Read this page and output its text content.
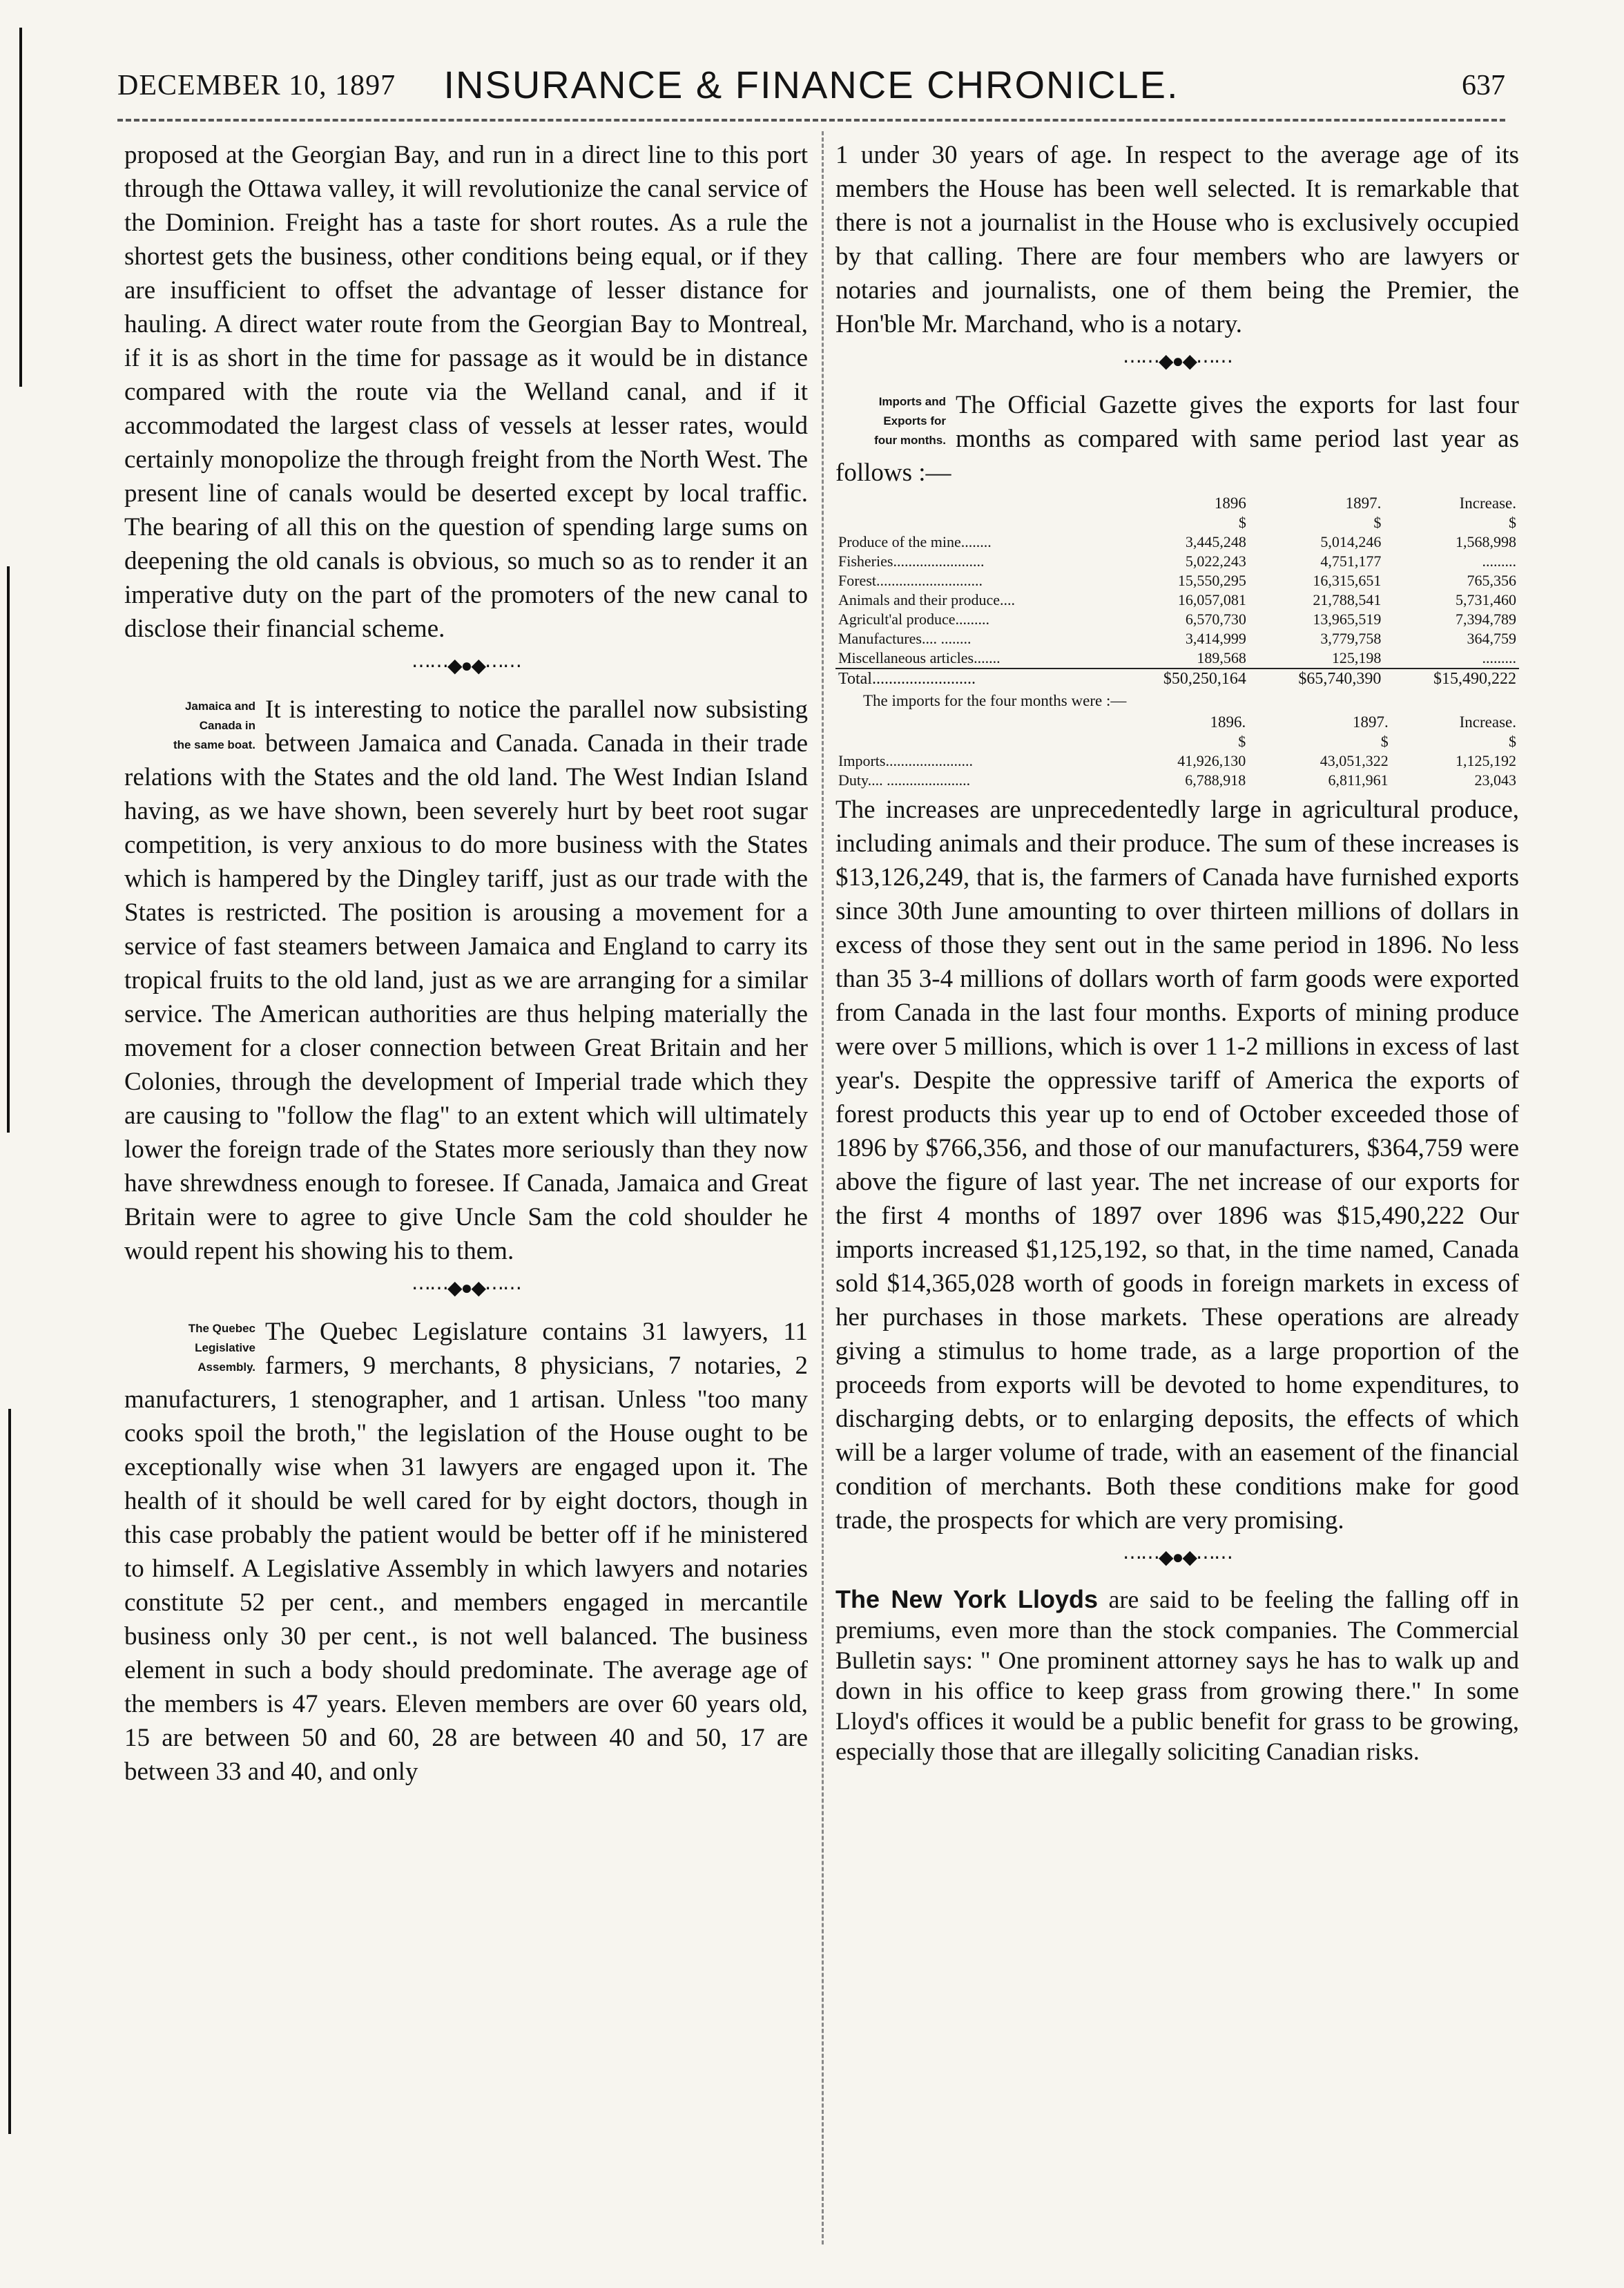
DECEMBER 10, 1897	INSURANCE & FINANCE CHRONICLE.	637

proposed at the Georgian Bay, and run in a direct line to this port through the Ottawa valley, it will revolutionize the canal service of the Dominion. Freight has a taste for short routes. As a rule the shortest gets the business, other conditions being equal, or if they are insufficient to offset the advantage of lesser distance for hauling. A direct water route from the Georgian Bay to Montreal, if it is as short in the time for passage as it would be in distance compared with the route via the Welland canal, and if it accommodated the largest class of vessels at lesser rates, would certainly monopolize the through freight from the North West. The present line of canals would be deserted except by local traffic. The bearing of all this on the question of spending large sums on deepening the old canals is obvious, so much so as to render it an imperative duty on the part of the promoters of the new canal to disclose their financial scheme.

⋯⋯◆●◆⋯⋯
Jamaica and
Canada in
the same boat.

It is interesting to notice the parallel now subsisting between Jamaica and Canada. Canada in their trade relations with the States and the old land. The West Indian Island having, as we have shown, been severely hurt by beet root sugar competition, is very anxious to do more business with the States which is hampered by the Dingley tariff, just as our trade with the States is restricted. The position is arousing a movement for a service of fast steamers between Jamaica and England to carry its tropical fruits to the old land, just as we are arranging for a similar service. The American authorities are thus helping materially the movement for a closer connection between Great Britain and her Colonies, through the development of Imperial trade which they are causing to "follow the flag" to an extent which will ultimately lower the foreign trade of the States more seriously than they now have shrewdness enough to foresee. If Canada, Jamaica and Great Britain were to agree to give Uncle Sam the cold shoulder he would repent his showing his to them.

⋯⋯◆●◆⋯⋯
The Quebec
Legislative
Assembly.

The Quebec Legislature contains 31 lawyers, 11 farmers, 9 merchants, 8 physicians, 7 notaries, 2 manufacturers, 1 stenographer, and 1 artisan. Unless "too many cooks spoil the broth," the legislation of the House ought to be exceptionally wise when 31 lawyers are engaged upon it. The health of it should be well cared for by eight doctors, though in this case probably the patient would be better off if he ministered to himself. A Legislative Assembly in which lawyers and notaries constitute 52 per cent., and members engaged in mercantile business only 30 per cent., is not well balanced. The business element in such a body should predominate. The average age of the members is 47 years. Eleven members are over 60 years old, 15 are between 50 and 60, 28 are between 40 and 50, 17 are between 33 and 40, and only

1 under 30 years of age. In respect to the average age of its members the House has been well selected. It is remarkable that there is not a journalist in the House who is exclusively occupied by that calling. There are four members who are lawyers or notaries and journalists, one of them being the Premier, the Hon'ble Mr. Marchand, who is a notary.

⋯⋯◆●◆⋯⋯
Imports and
Exports for
four months.

The Official Gazette gives the exports for last four months as compared with same period last year as follows :—

	1896	1897.	Increase.
	$	$	$
Produce of the mine........	3,445,248	5,014,246	1,568,998
Fisheries........................	5,022,243	4,751,177	.........
Forest............................	15,550,295	16,315,651	765,356
Animals and their produce....	16,057,081	21,788,541	5,731,460
Agricult'al produce.........	6,570,730	13,965,519	7,394,789
Manufactures.... ........	3,414,999	3,779,758	364,759
Miscellaneous articles.......	189,568	125,198	.........
Total.........................	$50,250,164	$65,740,390	$15,490,222
The imports for the four months were :—
	1896.	1897.	Increase.
	$	$	$
Imports.......................	41,926,130	43,051,322	1,125,192
Duty.... ......................	6,788,918	6,811,961	23,043

The increases are unprecedentedly large in agricultural produce, including animals and their produce. The sum of these increases is $13,126,249, that is, the farmers of Canada have furnished exports since 30th June amounting to over thirteen millions of dollars in excess of those they sent out in the same period in 1896. No less than 35 3-4 millions of dollars worth of farm goods were exported from Canada in the last four months. Exports of mining produce were over 5 millions, which is over 1 1-2 millions in excess of last year's. Despite the oppressive tariff of America the exports of forest products this year up to end of October exceeded those of 1896 by $766,356, and those of our manufacturers, $364,759 were above the figure of last year. The net increase of our exports for the first 4 months of 1897 over 1896 was $15,490,222 Our imports increased $1,125,192, so that, in the time named, Canada sold $14,365,028 worth of goods in foreign markets in excess of her purchases in those markets. These operations are already giving a stimulus to home trade, as a large proportion of the proceeds from exports will be devoted to home expenditures, to discharging debts, or to enlarging deposits, the effects of which will be a larger volume of trade, with an easement of the financial condition of merchants. Both these conditions make for good trade, the prospects for which are very promising.

⋯⋯◆●◆⋯⋯

The New York Lloyds are said to be feeling the falling off in premiums, even more than the stock companies. The Commercial Bulletin says: " One prominent attorney says he has to walk up and down in his office to keep grass from growing there." In some Lloyd's offices it would be a public benefit for grass to be growing, especially those that are illegally soliciting Canadian risks.
